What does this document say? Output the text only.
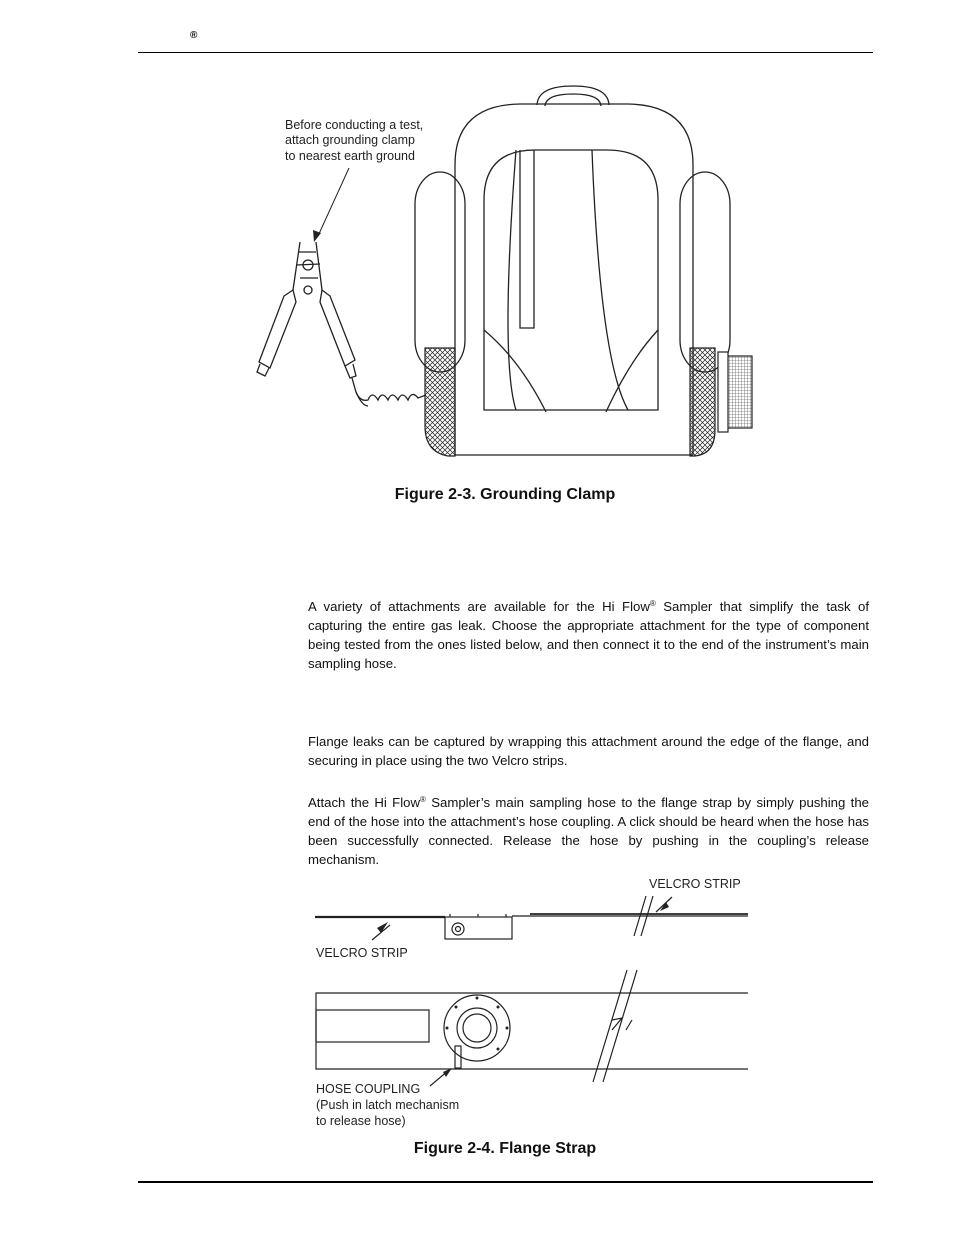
®
Before conducting a test,
attach grounding clamp
to nearest earth ground
Figure 2-3. Grounding Clamp

A variety of attachments are available for the Hi Flow® Sampler that simplify the task of capturing the entire gas leak. Choose the appropriate attachment for the type of component being tested from the ones listed below, and then connect it to the end of the instrument’s main sampling hose.

Flange leaks can be captured by wrapping this attachment around the edge of the flange, and securing in place using the two Velcro strips.

Attach the Hi Flow® Sampler’s main sampling hose to the flange strap by simply pushing the end of the hose into the attachment’s hose coupling. A click should be heard when the hose has been successfully connected. Release the hose by pushing in the coupling’s release mechanism.

VELCRO STRIP
VELCRO STRIP
HOSE COUPLING
(Push in latch mechanism
to release hose)
Figure 2-4. Flange Strap
